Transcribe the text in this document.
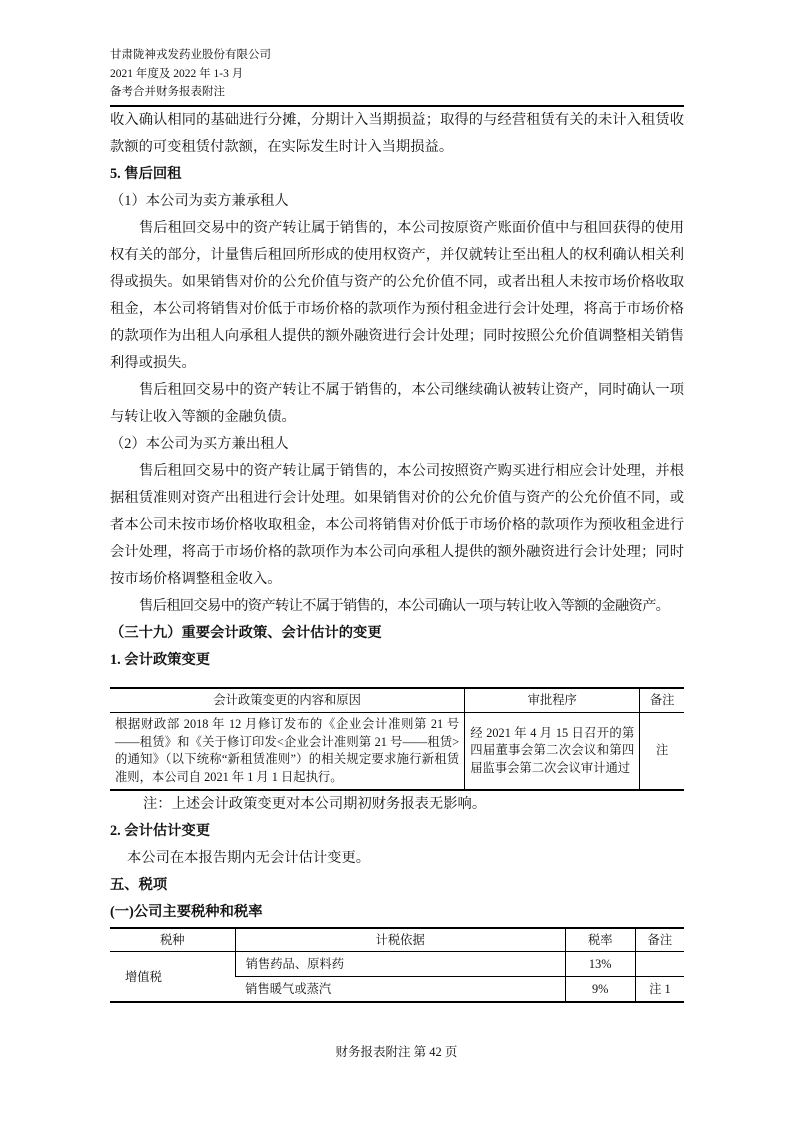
甘肃陇神戎发药业股份有限公司
2021 年度及 2022 年 1-3 月
备考合并财务报表附注

收入确认相同的基础进行分摊，分期计入当期损益；取得的与经营租赁有关的未计入租赁收款额的可变租赁付款额，在实际发生时计入当期损益。

5. 售后回租

（1）本公司为卖方兼承租人

售后租回交易中的资产转让属于销售的，本公司按原资产账面价值中与租回获得的使用权有关的部分，计量售后租回所形成的使用权资产，并仅就转让至出租人的权利确认相关利得或损失。如果销售对价的公允价值与资产的公允价值不同，或者出租人未按市场价格收取租金，本公司将销售对价低于市场价格的款项作为预付租金进行会计处理，将高于市场价格的款项作为出租人向承租人提供的额外融资进行会计处理；同时按照公允价值调整相关销售利得或损失。

售后租回交易中的资产转让不属于销售的，本公司继续确认被转让资产，同时确认一项与转让收入等额的金融负债。

（2）本公司为买方兼出租人

售后租回交易中的资产转让属于销售的，本公司按照资产购买进行相应会计处理，并根据租赁准则对资产出租进行会计处理。如果销售对价的公允价值与资产的公允价值不同，或者本公司未按市场价格收取租金，本公司将销售对价低于市场价格的款项作为预收租金进行会计处理，将高于市场价格的款项作为本公司向承租人提供的额外融资进行会计处理；同时按市场价格调整租金收入。

售后租回交易中的资产转让不属于销售的，本公司确认一项与转让收入等额的金融资产。

（三十九）重要会计政策、会计估计的变更
1. 会计政策变更
会计政策变更的内容和原因	审批程序	备注
根据财政部 2018 年 12 月修订发布的《企业会计准则第 21 号——租赁》和《关于修订印发<企业会计准则第 21 号——租赁>的通知》（以下统称“新租赁准则”）的相关规定要求施行新租赁准则，本公司自 2021 年 1 月 1 日起执行。	经 2021 年 4 月 15 日召开的第四届董事会第二次会议和第四届监事会第二次会议审计通过	注

注：上述会计政策变更对本公司期初财务报表无影响。

2. 会计估计变更

本公司在本报告期内无会计估计变更。

五、税项
(一)公司主要税种和税率
税种	计税依据	税率	备注
增值税	销售药品、原料药	13%	
	销售暖气或蒸汽	9%	注 1
财务报表附注 第 42 页
